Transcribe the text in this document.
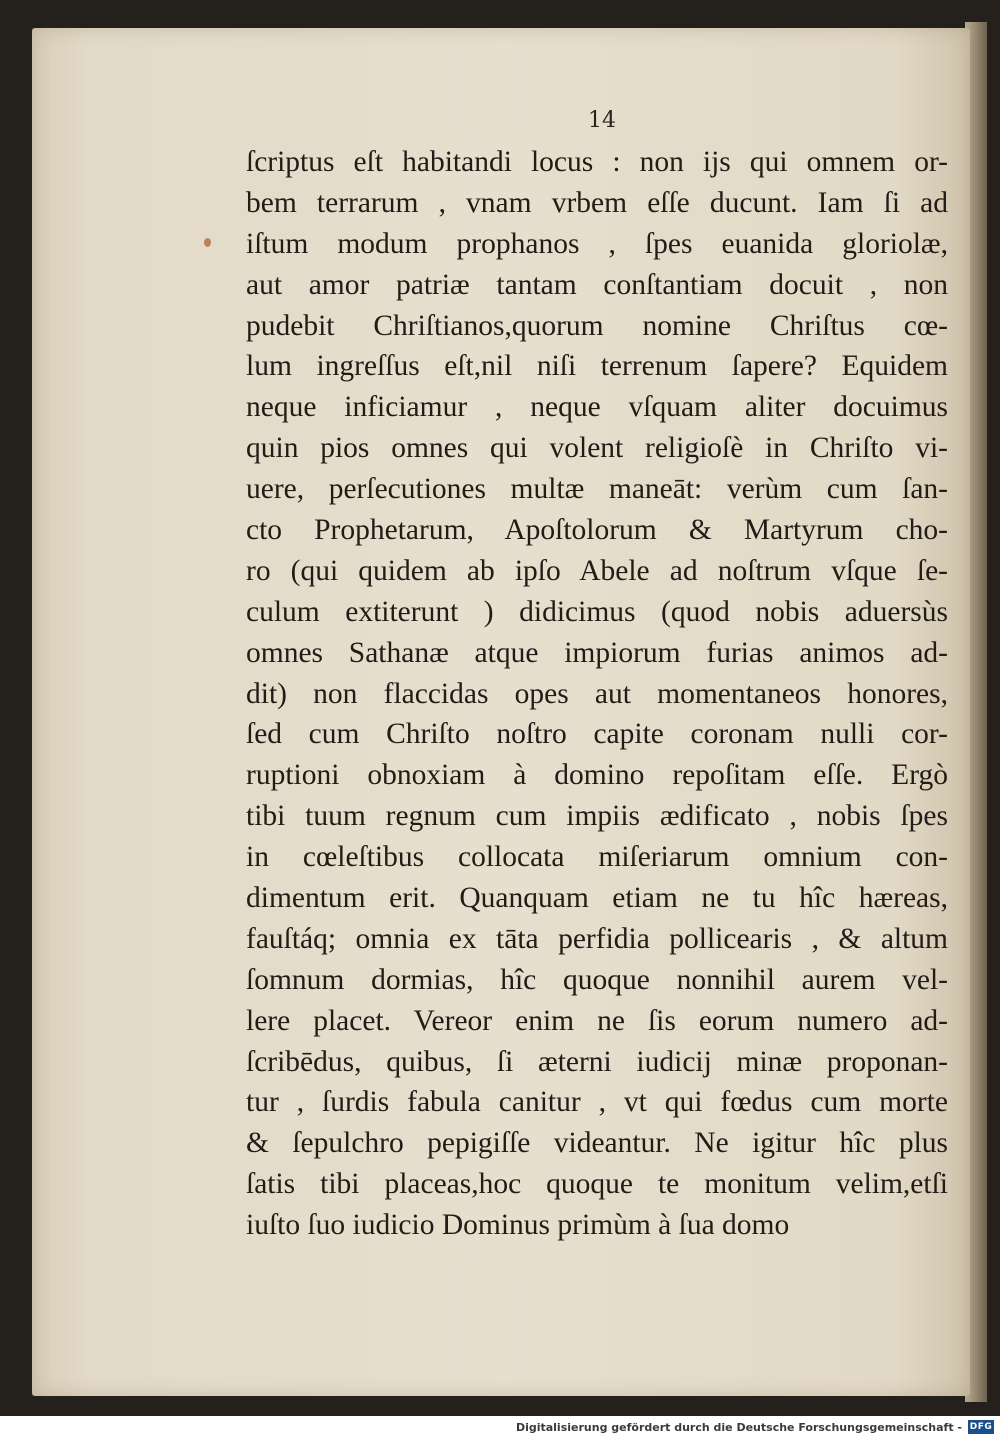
14
ſcriptus eſt habitandi locus : non ijs qui omnem or-
bem terrarum , vnam vrbem eſſe ducunt. Iam ſi ad
iſtum modum prophanos , ſpes euanida gloriolæ,
aut amor patriæ tantam conſtantiam docuit , non
pudebit Chriſtianos,quorum nomine Chriſtus cœ-
lum ingreſſus eſt,nil niſi terrenum ſapere? Equidem
neque inficiamur , neque vſquam aliter docuimus
quin pios omnes qui volent religioſè in Chriſto vi-
uere, perſecutiones multæ maneāt: verùm cum ſan-
cto Prophetarum, Apoſtolorum & Martyrum cho-
ro (qui quidem ab ipſo Abele ad noſtrum vſque ſe-
culum extiterunt ) didicimus (quod nobis aduersùs
omnes Sathanæ atque impiorum furias animos ad-
dit) non flaccidas opes aut momentaneos honores,
ſed cum Chriſto noſtro capite coronam nulli cor-
ruptioni obnoxiam à domino repoſitam eſſe. Ergò
tibi tuum regnum cum impiis ædificato , nobis ſpes
in cœleſtibus collocata miſeriarum omnium con-
dimentum erit. Quanquam etiam ne tu hîc hæreas,
fauſtáq; omnia ex tāta perfidia pollicearis , & altum
ſomnum dormias, hîc quoque nonnihil aurem vel-
lere placet. Vereor enim ne ſis eorum numero ad-
ſcribēdus, quibus, ſi æterni iudicij minæ proponan-
tur , ſurdis fabula canitur , vt qui fœdus cum morte
& ſepulchro pepigiſſe videantur. Ne igitur hîc plus
ſatis tibi placeas,hoc quoque te monitum velim,etſi
iuſto ſuo iudicio Dominus primùm à ſua domo
Digitalisierung gefördert durch die Deutsche Forschungsgemeinschaft - DFG
